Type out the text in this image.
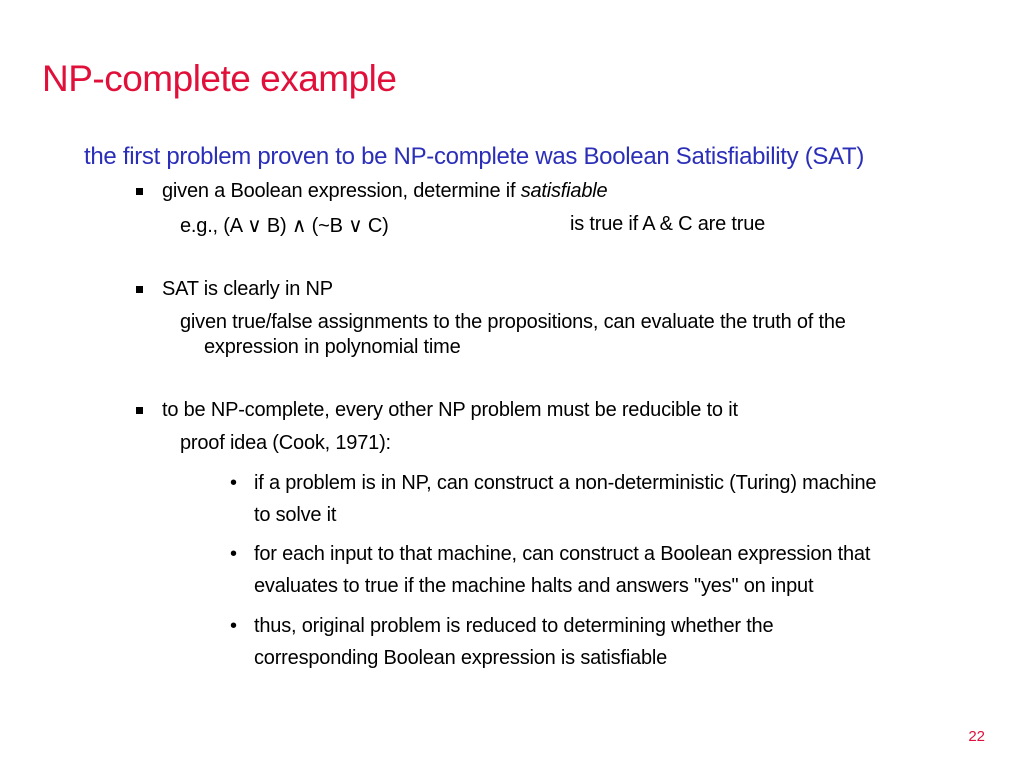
NP-complete example
the first problem proven to be NP-complete was Boolean Satisfiability (SAT)
given a Boolean expression, determine if satisfiable
e.g., (A ∨ B) ∧ (~B ∨ C)	is true if A & C are true
SAT is clearly in NP
given true/false assignments to the propositions, can evaluate the truth of the
expression in polynomial time
to be NP-complete, every other NP problem must be reducible to it
proof idea (Cook, 1971):
• if a problem is in NP, can construct a non-deterministic (Turing) machine
to solve it
• for each input to that machine, can construct a Boolean expression that
evaluates to true if the machine halts and answers "yes" on input
• thus, original problem is reduced to determining whether the
corresponding Boolean expression is satisfiable
22
